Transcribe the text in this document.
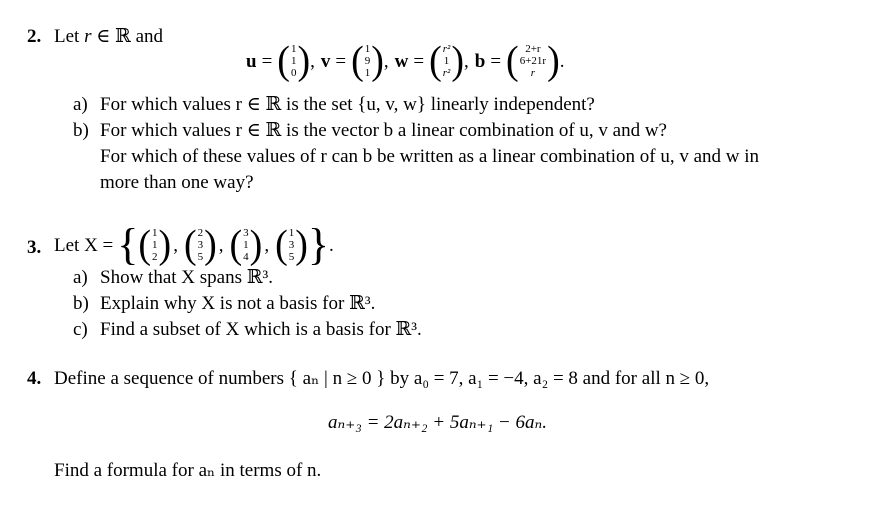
2. Let r ∈ ℝ and
u = ( 1
1
0 ) , v = ( 1
9
1 ) , w = ( r²
1
r² ) , b = ( 2+r
6+21r
r ) .
a) For which values r ∈ ℝ is the set {u, v, w} linearly independent?
b) For which values r ∈ ℝ is the vector b a linear combination of u, v and w?
For which of these values of r can b be written as a linear combination of u, v and w in
more than one way?
3. Let X = { ( 1
1
2 ) , ( 2
3
5 ) , ( 3
1
4 ) , ( 1
3
5 ) } .
a) Show that X spans ℝ³.
b) Explain why X is not a basis for ℝ³.
c) Find a subset of X which is a basis for ℝ³.
4. Define a sequence of numbers { aₙ | n ≥ 0 } by a₀ = 7, a₁ = −4, a₂ = 8 and for all n ≥ 0,
aₙ₊₃ = 2aₙ₊₂ + 5aₙ₊₁ − 6aₙ.
Find a formula for aₙ in terms of n.
